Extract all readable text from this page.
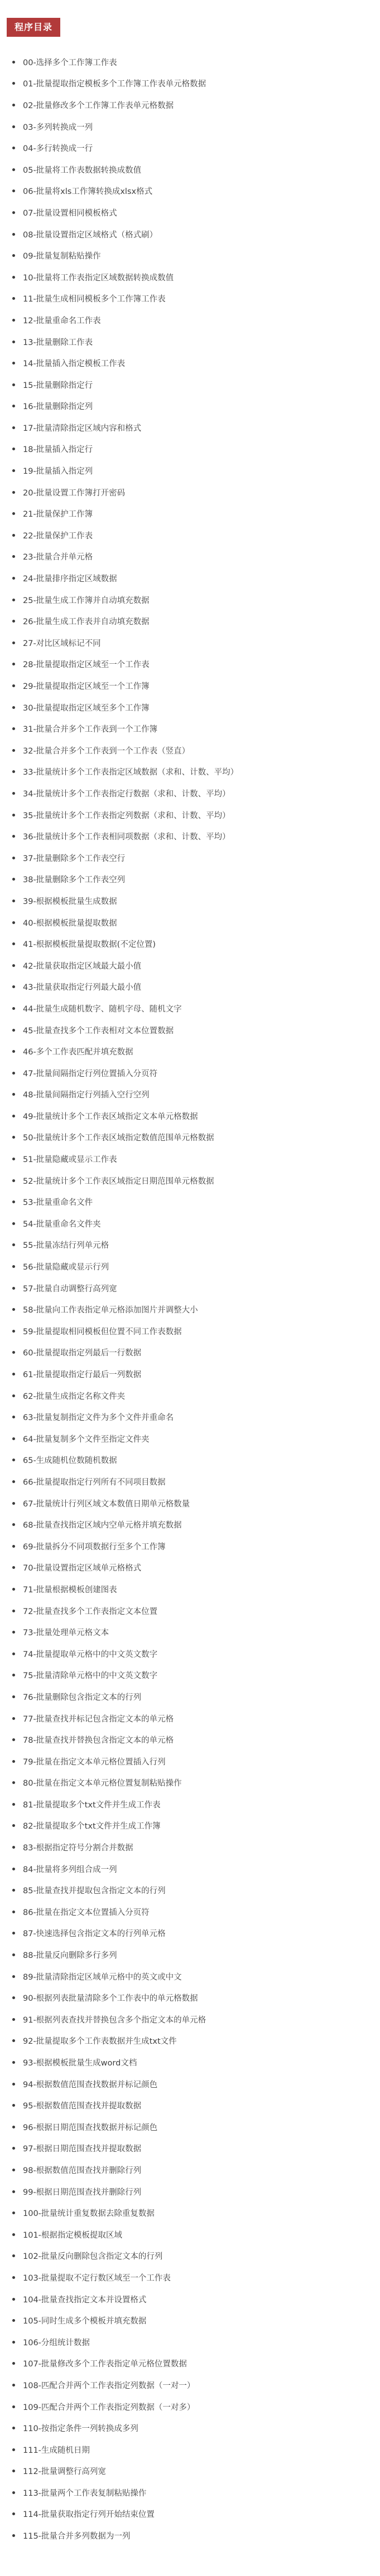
程序目录
00-选择多个工作簿工作表
01-批量提取指定模板多个工作簿工作表单元格数据
02-批量修改多个工作簿工作表单元格数据
03-多列转换成一列
04-多行转换成一行
05-批量将工作表数据转换成数值
06-批量将xls工作簿转换成xlsx格式
07-批量设置相同模板格式
08-批量设置指定区域格式（格式刷）
09-批量复制粘贴操作
10-批量将工作表指定区域数据转换成数值
11-批量生成相同模板多个工作簿工作表
12-批量重命名工作表
13-批量删除工作表
14-批量插入指定模板工作表
15-批量删除指定行
16-批量删除指定列
17-批量清除指定区域内容和格式
18-批量插入指定行
19-批量插入指定列
20-批量设置工作簿打开密码
21-批量保护工作簿
22-批量保护工作表
23-批量合并单元格
24-批量排序指定区域数据
25-批量生成工作簿并自动填充数据
26-批量生成工作表并自动填充数据
27-对比区域标记不同
28-批量提取指定区域至一个工作表
29-批量提取指定区域至一个工作簿
30-批量提取指定区域至多个工作簿
31-批量合并多个工作表到一个工作簿
32-批量合并多个工作表到一个工作表（竖直）
33-批量统计多个工作表指定区域数据（求和、计数、平均）
34-批量统计多个工作表指定行数据（求和、计数、平均）
35-批量统计多个工作表指定列数据（求和、计数、平均）
36-批量统计多个工作表相同项数据（求和、计数、平均）
37-批量删除多个工作表空行
38-批量删除多个工作表空列
39-根据模板批量生成数据
40-根据模板批量提取数据
41-根据模板批量提取数据(不定位置)
42-批量获取指定区域最大最小值
43-批量获取指定行列最大最小值
44-批量生成随机数字、随机字母、随机文字
45-批量查找多个工作表相对文本位置数据
46-多个工作表匹配并填充数据
47-批量间隔指定行列位置插入分页符
48-批量间隔指定行列插入空行空列
49-批量统计多个工作表区域指定文本单元格数据
50-批量统计多个工作表区域指定数值范围单元格数据
51-批量隐藏或显示工作表
52-批量统计多个工作表区域指定日期范围单元格数据
53-批量重命名文件
54-批量重命名文件夹
55-批量冻结行列单元格
56-批量隐藏或显示行列
57-批量自动调整行高列宽
58-批量向工作表指定单元格添加图片并调整大小
59-批量提取相同模板但位置不同工作表数据
60-批量提取指定列最后一行数据
61-批量提取指定行最后一列数据
62-批量生成指定名称文件夹
63-批量复制指定文件为多个文件并重命名
64-批量复制多个文件至指定文件夹
65-生成随机位数随机数据
66-批量提取指定行列所有不同项目数据
67-批量统计行列区域文本数值日期单元格数量
68-批量查找指定区域内空单元格并填充数据
69-批量拆分不同项数据行至多个工作簿
70-批量设置指定区域单元格格式
71-批量根据模板创建图表
72-批量查找多个工作表指定文本位置
73-批量处理单元格文本
74-批量提取单元格中的中文英文数字
75-批量清除单元格中的中文英文数字
76-批量删除包含指定文本的行列
77-批量查找并标记包含指定文本的单元格
78-批量查找并替换包含指定文本的单元格
79-批量在指定文本单元格位置插入行列
80-批量在指定文本单元格位置复制粘贴操作
81-批量提取多个txt文件并生成工作表
82-批量提取多个txt文件并生成工作簿
83-根据指定符号分割合并数据
84-批量将多列组合成一列
85-批量查找并提取包含指定文本的行列
86-批量在指定文本位置插入分页符
87-快速选择包含指定文本的行列单元格
88-批量反向删除多行多列
89-批量清除指定区域单元格中的英文或中文
90-根据列表批量清除多个工作表中的单元格数据
91-根据列表查找并替换包含多个指定文本的单元格
92-批量提取多个工作表数据并生成txt文件
93-根据模板批量生成word文档
94-根据数值范围查找数据并标记颜色
95-根据数值范围查找并提取数据
96-根据日期范围查找数据并标记颜色
97-根据日期范围查找并提取数据
98-根据数值范围查找并删除行列
99-根据日期范围查找并删除行列
100-批量统计重复数据去除重复数据
101-根据指定模板提取区域
102-批量反向删除包含指定文本的行列
103-批量提取不定行数区域至一个工作表
104-批量查找指定文本并设置格式
105-同时生成多个模板并填充数据
106-分组统计数据
107-批量修改多个工作表指定单元格位置数据
108-匹配合并两个工作表指定列数据（一对一）
109-匹配合并两个工作表指定列数据（一对多）
110-按指定条件一列转换成多列
111-生成随机日期
112-批量调整行高列宽
113-批量两个工作表复制粘贴操作
114-批量获取指定行列开始结束位置
115-批量合并多列数据为一列
